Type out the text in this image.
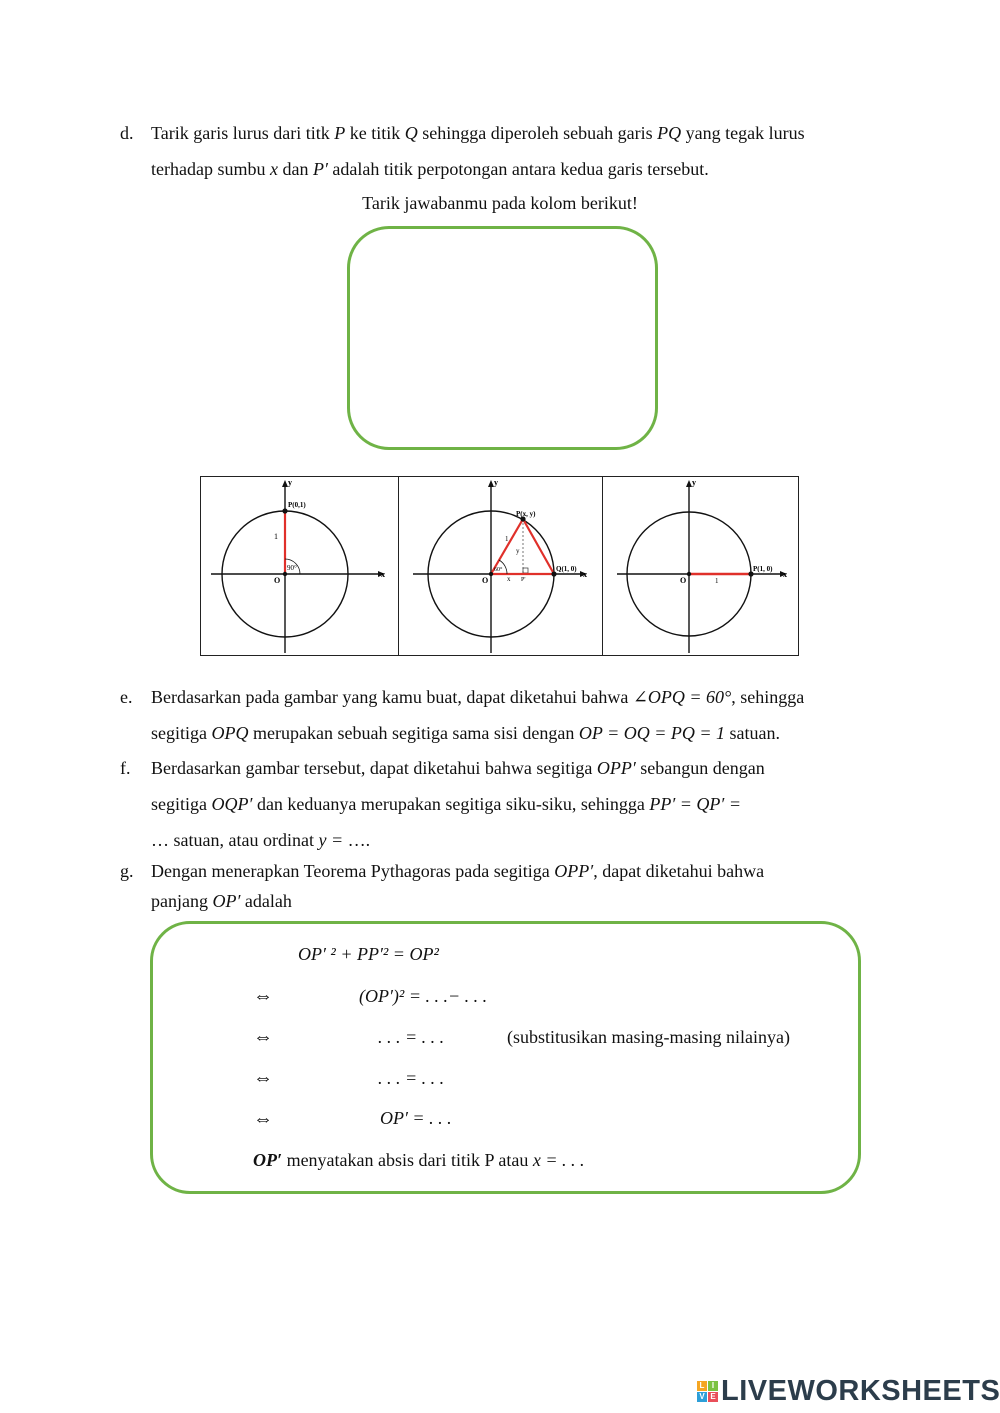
d. Tarik garis lurus dari titk P ke titik Q sehingga diperoleh sebuah garis PQ yang tegak lurus
terhadap sumbu x dan P′ adalah titik perpotongan antara kedua garis tersebut.
Tarik jawabanmu pada kolom berikut!
P(0,1)
1
90°
O
x
y
P(x, y)
Q(1, 0)
1
y
x
60°
P'
O
x
y
P(1, 0)
1
O
x
y
e. Berdasarkan pada gambar yang kamu buat, dapat diketahui bahwa ∠OPQ = 60°, sehingga
segitiga OPQ merupakan sebuah segitiga sama sisi dengan OP = OQ = PQ = 1 satuan.
f. Berdasarkan gambar tersebut, dapat diketahui bahwa segitiga OPP′ sebangun dengan
segitiga OQP′ dan keduanya merupakan segitiga siku-siku, sehingga PP′ = QP′ =
… satuan, atau ordinat y = ….
g. Dengan menerapkan Teorema Pythagoras pada segitiga OPP′, dapat diketahui bahwa
panjang OP′ adalah
OP′ ² + PP′² = OP²
⇔	(OP′)² = . . .− . . .
⇔	. . . = . . .	(substitusikan masing-masing nilainya)
⇔	. . . = . . .
⇔	OP′ = . . .
OP′ menyatakan absis dari titik P atau x = . . .
L I
V E LIVEWORKSHEETS
